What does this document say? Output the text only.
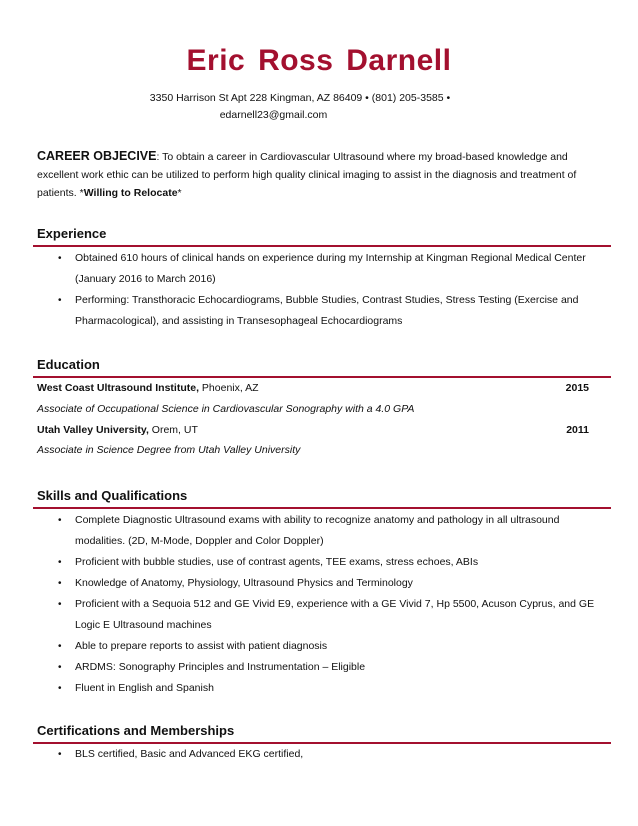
Eric Ross Darnell
3350 Harrison St Apt 228 Kingman, AZ 86409 • (801) 205-3585 •
edarnell23@gmail.com
CAREER OBJECIVE: To obtain a career in Cardiovascular Ultrasound where my broad-based knowledge and excellent work ethic can be utilized to perform high quality clinical imaging to assist in the diagnosis and treatment of patients. *Willing to Relocate*
Experience
• Obtained 610 hours of clinical hands on experience during my Internship at Kingman Regional Medical Center (January 2016 to March 2016)
• Performing: Transthoracic Echocardiograms, Bubble Studies, Contrast Studies, Stress Testing (Exercise and Pharmacological), and assisting in Transesophageal Echocardiograms
Education
West Coast Ultrasound Institute, Phoenix, AZ	2015
Associate of Occupational Science in Cardiovascular Sonography with a 4.0 GPA
Utah Valley University, Orem, UT	2011
Associate in Science Degree from Utah Valley University
Skills and Qualifications
• Complete Diagnostic Ultrasound exams with ability to recognize anatomy and pathology in all ultrasound modalities. (2D, M-Mode, Doppler and Color Doppler)
• Proficient with bubble studies, use of contrast agents, TEE exams, stress echoes, ABIs
• Knowledge of Anatomy, Physiology, Ultrasound Physics and Terminology
• Proficient with a Sequoia 512 and GE Vivid E9, experience with a GE Vivid 7, Hp 5500, Acuson Cyprus, and GE Logic E Ultrasound machines
• Able to prepare reports to assist with patient diagnosis
• ARDMS: Sonography Principles and Instrumentation – Eligible
• Fluent in English and Spanish
Certifications and Memberships
• BLS certified, Basic and Advanced EKG certified,
